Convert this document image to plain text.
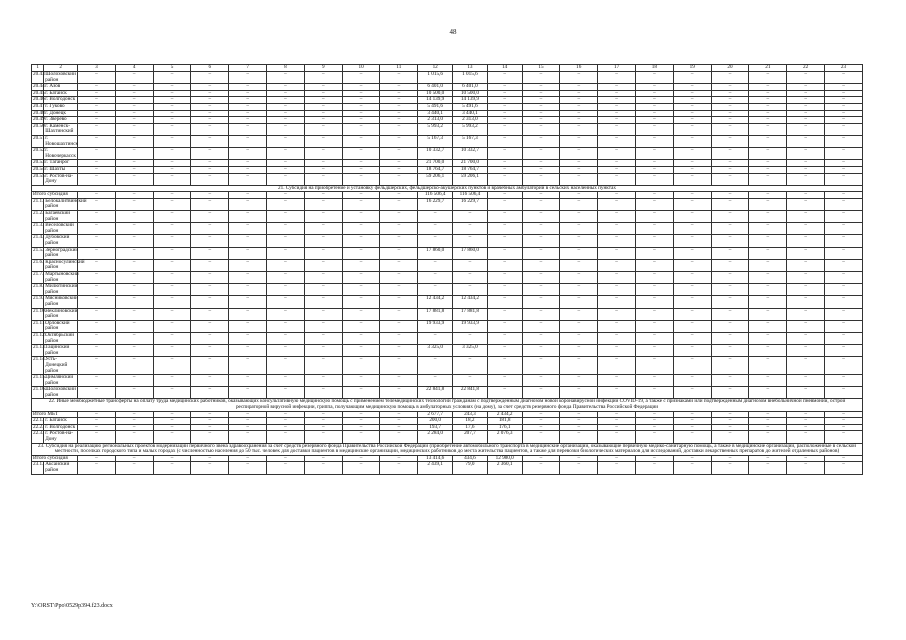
48
1	2	3	4	5	6	7	8	9	10	11	12	13	14	15	16	17	18	19	20	21	22	23
20.43	Шолоховский район	–	–	–	–	–	–	–	–	–	1 015,6	1 015,6	–	–	–	–	–	–	–	–	–	–
20.44	г. Азов	–	–	–	–	–	–	–	–	–	6 401,0	6 401,0	–	–	–	–	–	–	–	–	–	–
20.45	г. Батайск	–	–	–	–	–	–	–	–	–	10 500,0	10 500,0	–	–	–	–	–	–	–	–	–	–
20.46	г. Волгодонск	–	–	–	–	–	–	–	–	–	14 139,9	14 139,9	–	–	–	–	–	–	–	–	–	–
20.47	г. Гуково	–	–	–	–	–	–	–	–	–	5 491,6	5 491,6	–	–	–	–	–	–	–	–	–	–
20.48	г. Донецк	–	–	–	–	–	–	–	–	–	3 440,1	3 440,1	–	–	–	–	–	–	–	–	–	–
20.49	г. Зверево	–	–	–	–	–	–	–	–	–	2 313,0	2 313,0	–	–	–	–	–	–	–	–	–	–
20.50	г. Каменск-Шахтинский	–	–	–	–	–	–	–	–	–	5 993,2	5 993,2	–	–	–	–	–	–	–	–	–	–
20.51	г. Новошахтинск	–	–	–	–	–	–	–	–	–	5 167,3	5 167,3	–	–	–	–	–	–	–	–	–	–
20.52	г. Новочеркасск	–	–	–	–	–	–	–	–	–	10 332,7	10 332,7	–	–	–	–	–	–	–	–	–	–
20.53	г. Таганрог	–	–	–	–	–	–	–	–	–	21 700,0	21 700,0	–	–	–	–	–	–	–	–	–	–
20.54	г. Шахты	–	–	–	–	–	–	–	–	–	18 764,7	18 764,7	–	–	–	–	–	–	–	–	–	–
20.55	г. Ростов-на-Дону	–	–	–	–	–	–	–	–	–	59 206,1	59 206,1	–	–	–	–	–	–	–	–	–	–
21. Субсидия на приобретение и установку фельдшерских, фельдшерско-акушерских пунктов и врачебных амбулаторий в сельских населенных пунктах																						
Итого субсидия		–	–	–	–	–	–	–	–	–	116 506,4	116 506,4	–	–	–	–	–	–	–	–	–	–
21.1.	Белокалитвинский район	–	–	–	–	–	–	–	–	–	16 229,7	16 229,7	–	–	–	–	–	–	–	–	–	–
21.2.	Багаевский район	–	–	–	–	–	–	–	–	–	–	–	–	–	–	–	–	–	–	–	–	–
21.3.	Веселовский район	–	–	–	–	–	–	–	–	–	–	–	–	–	–	–	–	–	–	–	–	–
21.4.	Дубовский район	–	–	–	–	–	–	–	–	–	–	–	–	–	–	–	–	–	–	–	–	–
21.5.	Зерноградский район	–	–	–	–	–	–	–	–	–	17 860,0	17 860,0	–	–	–	–	–	–	–	–	–	–
21.6.	Красносулинский район	–	–	–	–	–	–	–	–	–	–	–	–	–	–	–	–	–	–	–	–	–
21.7.	Мартыновский район	–	–	–	–	–	–	–	–	–	–	–	–	–	–	–	–	–	–	–	–	–
21.8.	Милютинский район	–	–	–	–	–	–	–	–	–	–	–	–	–	–	–	–	–	–	–	–	–
21.9.	Мясниковский район	–	–	–	–	–	–	–	–	–	12 434,2	12 434,2	–	–	–	–	–	–	–	–	–	–
21.10.	Неклиновский район	–	–	–	–	–	–	–	–	–	17 881,8	17 881,8	–	–	–	–	–	–	–	–	–	–
21.11.	Орловский район	–	–	–	–	–	–	–	–	–	19 933,9	19 933,9	–	–	–	–	–	–	–	–	–	–
21.12.	Октябрьский район	–	–	–	–	–	–	–	–	–	–	–	–	–	–	–	–	–	–	–	–	–
21.13.	Тацинский район	–	–	–	–	–	–	–	–	–	3 325,0	3 325,0	–	–	–	–	–	–	–	–	–	–
21.14.	Усть-Донецкий район	–	–	–	–	–	–	–	–	–	–	–	–	–	–	–	–	–	–	–	–	–
21.15.	Цимлянский район	–	–	–	–	–	–	–	–	–	–	–	–	–	–	–	–	–	–	–	–	–
21.16.	Шолоховский район	–	–	–	–	–	–	–	–	–	22 841,8	22 841,8	–	–	–	–	–	–	–	–	–	–
22. Иные межбюджетные трансферты на оплату труда медицинских работников, оказывающих консультативную медицинскую помощь с применением телемедицинских технологий гражданам с подтвержденным диагнозом новой коронавирусной инфекции COVID-19, а также с признаками или подтвержденным диагнозом внебольничной пневмонии, острой респираторной вирусной инфекции, гриппа, получающим медицинскую помощь в амбулаторных условиях (на дому), за счет средств резервного фонда Правительства Российской Федерации																						
Итого МБТ		–	–	–	–	–	–	–	–	–	2 677,7	243,3	2 434,2	–	–	–	–	–	–	–	–	–
22.1.	г. Батайск	–	–	–	–	–	–	–	–	–	200,0	18,2	181,8	–	–	–	–	–	–	–	–	–
22.2.	г. Волгодонск	–	–	–	–	–	–	–	–	–	193,7	17,6	176,1	–	–	–	–	–	–	–	–	–
22.3.	г. Ростов-на-Дону	–	–	–	–	–	–	–	–	–	2 284,0	207,7	2 076,3	–	–	–	–	–	–	–	–	–
23. Субсидия на реализацию региональных проектов модернизации первичного звена здравоохранения за счет средств резервного фонда Правительства Российской Федерации (приобретение автомобильного транспорта в медицинские организации, оказывающие первичную медико-санитарную помощь, а также в медицинские организации, расположенные в сельской местности, поселках городского типа и малых городах (с численностью населения до 50 тыс. человек для доставки пациентов в медицинские организации, медицинских работников до места жительства пациентов, а также для перевозки биологических материалов для исследований, доставки лекарственных препаратов до жителей отдаленных районов)																						
Итого субсидия		–	–	–	–	–	–	–	–	–	13 414,6	434,6	12 980,0	–	–	–	–	–	–	–	–	–
23.1.	Аксайский район	–	–	–	–	–	–	–	–	–	2 439,1	79,0	2 360,1	–	–	–	–	–	–	–	–	–
Y:\ORST\Ppo\0529p394.f23.docx
